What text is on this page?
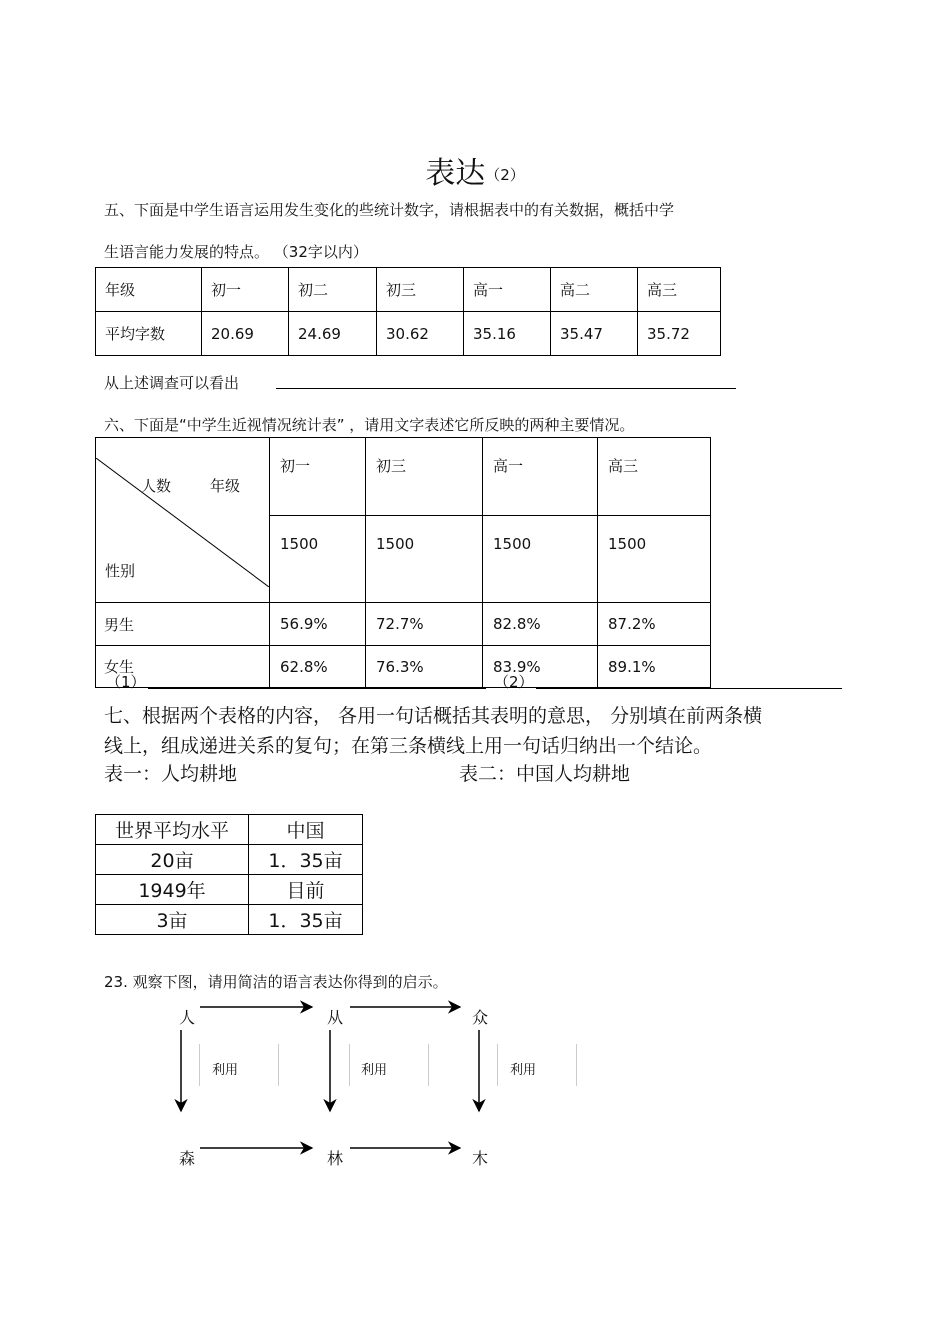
表达（2）
五、下面是中学生语言运用发生变化的些统计数字，请根据表中的有关数据，概括中学
生语言能力发展的特点。 （32字以内）
年级	初一	初二	初三	高一	高二	高三
平均字数	20.69	24.69	30.62	35.16	35.47	35.72
从上述调查可以看出
六、下面是“中学生近视情况统计表” ，请用文字表述它所反映的两种主要情况。
人数 年级
性别	初一	初三	高一	高三
	1500	1500	1500	1500
男生	56.9%	72.7%	82.8%	87.2%
女生	62.8%	76.3%	83.9%	89.1%
（1）	（2）
七、根据两个表格的内容， 各用一句话概括其表明的意思， 分别填在前两条横
线上，组成递进关系的复句；在第三条横线上用一句话归纳出一个结论。
表一：人均耕地	表二：中国人均耕地
世界平均水平	中国
20亩	1．35亩
1949年	目前
3亩	1．35亩
23. 观察下图，请用简洁的语言表达你得到的启示。
人	从	众
森	林	木
利用	利用	利用
